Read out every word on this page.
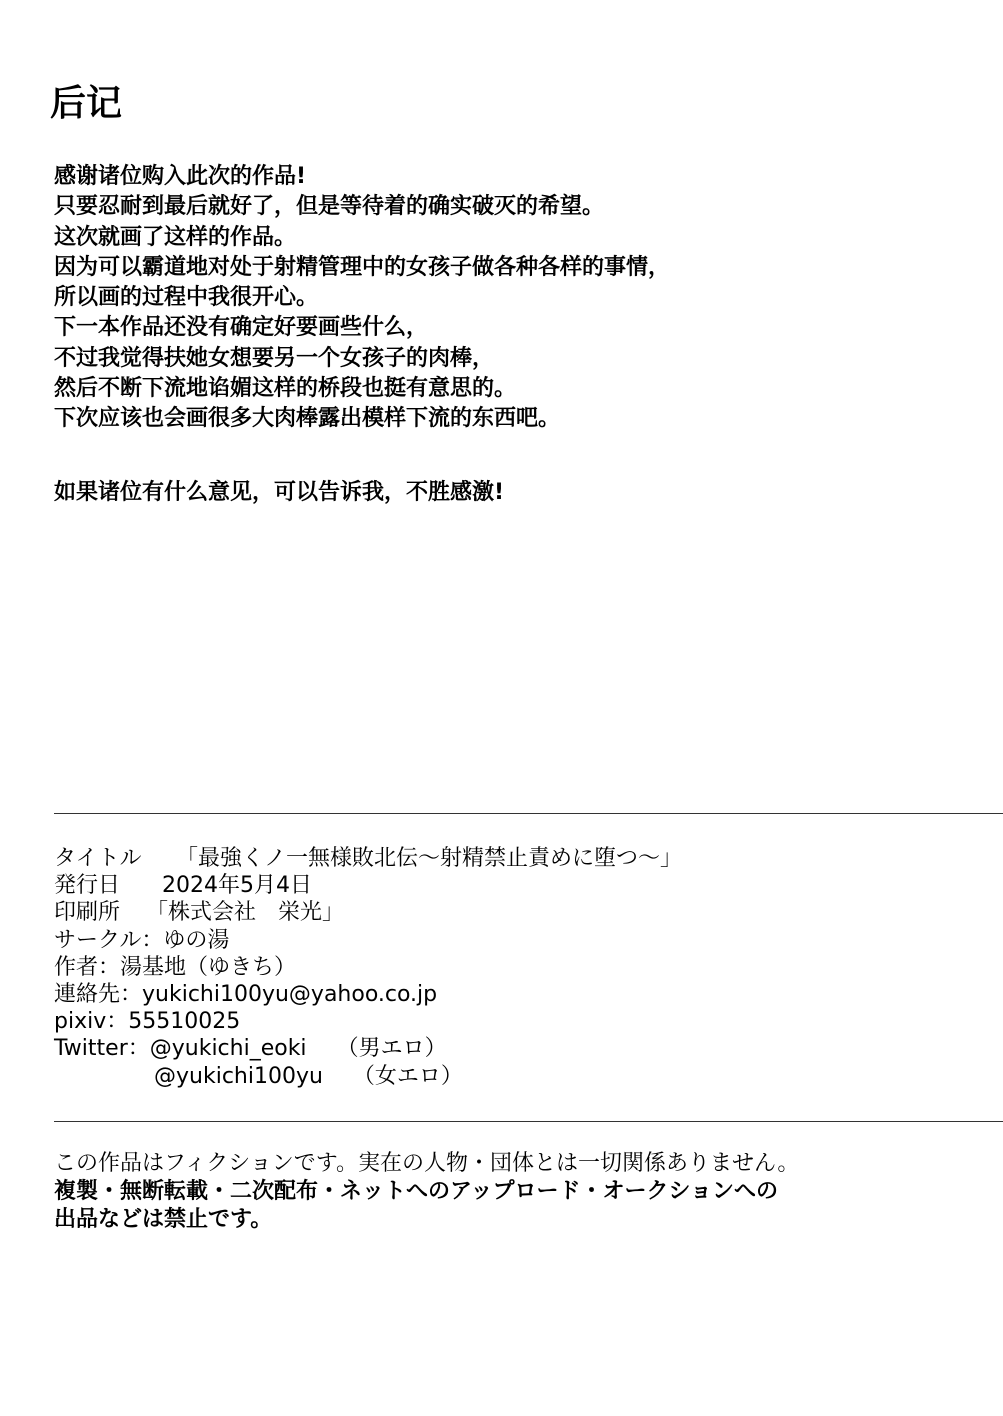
后记
感谢诸位购入此次的作品!
只要忍耐到最后就好了，但是等待着的确实破灭的希望。
这次就画了这样的作品。
因为可以霸道地对处于射精管理中的女孩子做各种各样的事情，
所以画的过程中我很开心。
下一本作品还没有确定好要画些什么，
不过我觉得扶她女想要另一个女孩子的肉棒，
然后不断下流地谄媚这样的桥段也挺有意思的。
下次应该也会画很多大肉棒露出模样下流的东西吧。
如果诸位有什么意见，可以告诉我，不胜感激!
タイトル 「最強くノ一無様敗北伝〜射精禁止責めに堕つ〜」
発行日 2024年5月4日
印刷所 「株式会社　栄光」
サークル：ゆの湯
作者：湯基地（ゆきち）
連絡先：yukichi100yu@yahoo.co.jp
pixiv：55510025
Twitter：@yukichi_eoki （男エロ）
@yukichi100yu （女エロ）
この作品はフィクションです。実在の人物・団体とは一切関係ありません。
複製・無断転載・二次配布・ネットへのアップロード・オークションへの
出品などは禁止です。
